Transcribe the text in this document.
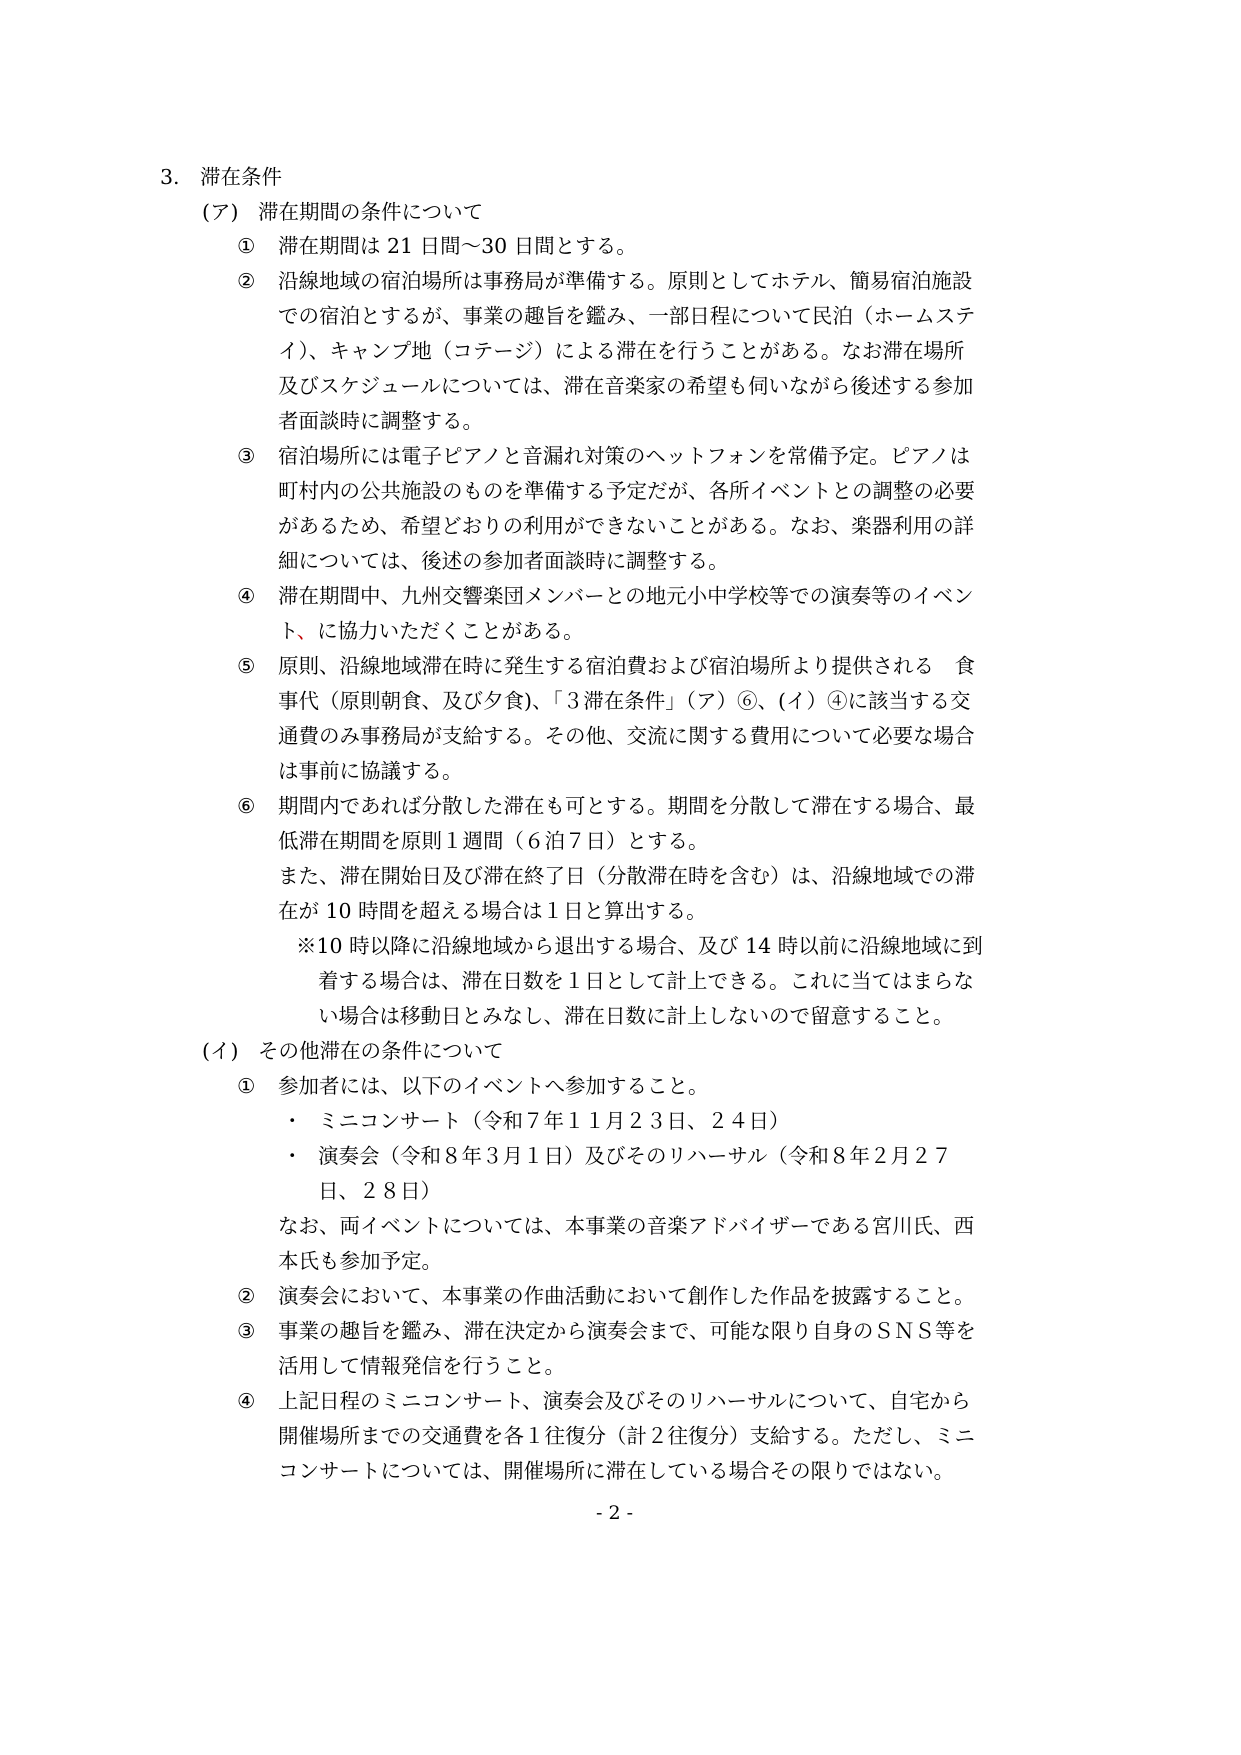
3. 滞在条件
(ア) 滞在期間の条件について
① 滞在期間は 21 日間～30 日間とする。
② 沿線地域の宿泊場所は事務局が準備する。原則としてホテル、簡易宿泊施設
での宿泊とするが、事業の趣旨を鑑み、一部日程について民泊（ホームステ
イ）、キャンプ地（コテージ）による滞在を行うことがある。なお滞在場所
及びスケジュールについては、滞在音楽家の希望も伺いながら後述する参加
者面談時に調整する。
③ 宿泊場所には電子ピアノと音漏れ対策のヘットフォンを常備予定。ピアノは
町村内の公共施設のものを準備する予定だが、各所イベントとの調整の必要
があるため、希望どおりの利用ができないことがある。なお、楽器利用の詳
細については、後述の参加者面談時に調整する。
④ 滞在期間中、九州交響楽団メンバーとの地元小中学校等での演奏等のイベン
ト、に協力いただくことがある。
⑤ 原則、沿線地域滞在時に発生する宿泊費および宿泊場所より提供される　食
事代（原則朝食、及び夕食)、「３滞在条件」（ア）⑥、(イ）④に該当する交
通費のみ事務局が支給する。その他、交流に関する費用について必要な場合
は事前に協議する。
⑥ 期間内であれば分散した滞在も可とする。期間を分散して滞在する場合、最
低滞在期間を原則１週間（６泊７日）とする。
また、滞在開始日及び滞在終了日（分散滞在時を含む）は、沿線地域での滞
在が 10 時間を超える場合は１日と算出する。
※10 時以降に沿線地域から退出する場合、及び 14 時以前に沿線地域に到
着する場合は、滞在日数を１日として計上できる。これに当てはまらな
い場合は移動日とみなし、滞在日数に計上しないので留意すること。
(イ) その他滞在の条件について
① 参加者には、以下のイベントへ参加すること。
・ ミニコンサート（令和７年１１月２３日、２４日）
・ 演奏会（令和８年３月１日）及びそのリハーサル（令和８年２月２７
日、２８日）
なお、両イベントについては、本事業の音楽アドバイザーである宮川氏、西
本氏も参加予定。
② 演奏会において、本事業の作曲活動において創作した作品を披露すること。
③ 事業の趣旨を鑑み、滞在決定から演奏会まで、可能な限り自身のＳＮＳ等を
活用して情報発信を行うこと。
④ 上記日程のミニコンサート、演奏会及びそのリハーサルについて、自宅から
開催場所までの交通費を各１往復分（計２往復分）支給する。ただし、ミニ
コンサートについては、開催場所に滞在している場合その限りではない。
- 2 -
